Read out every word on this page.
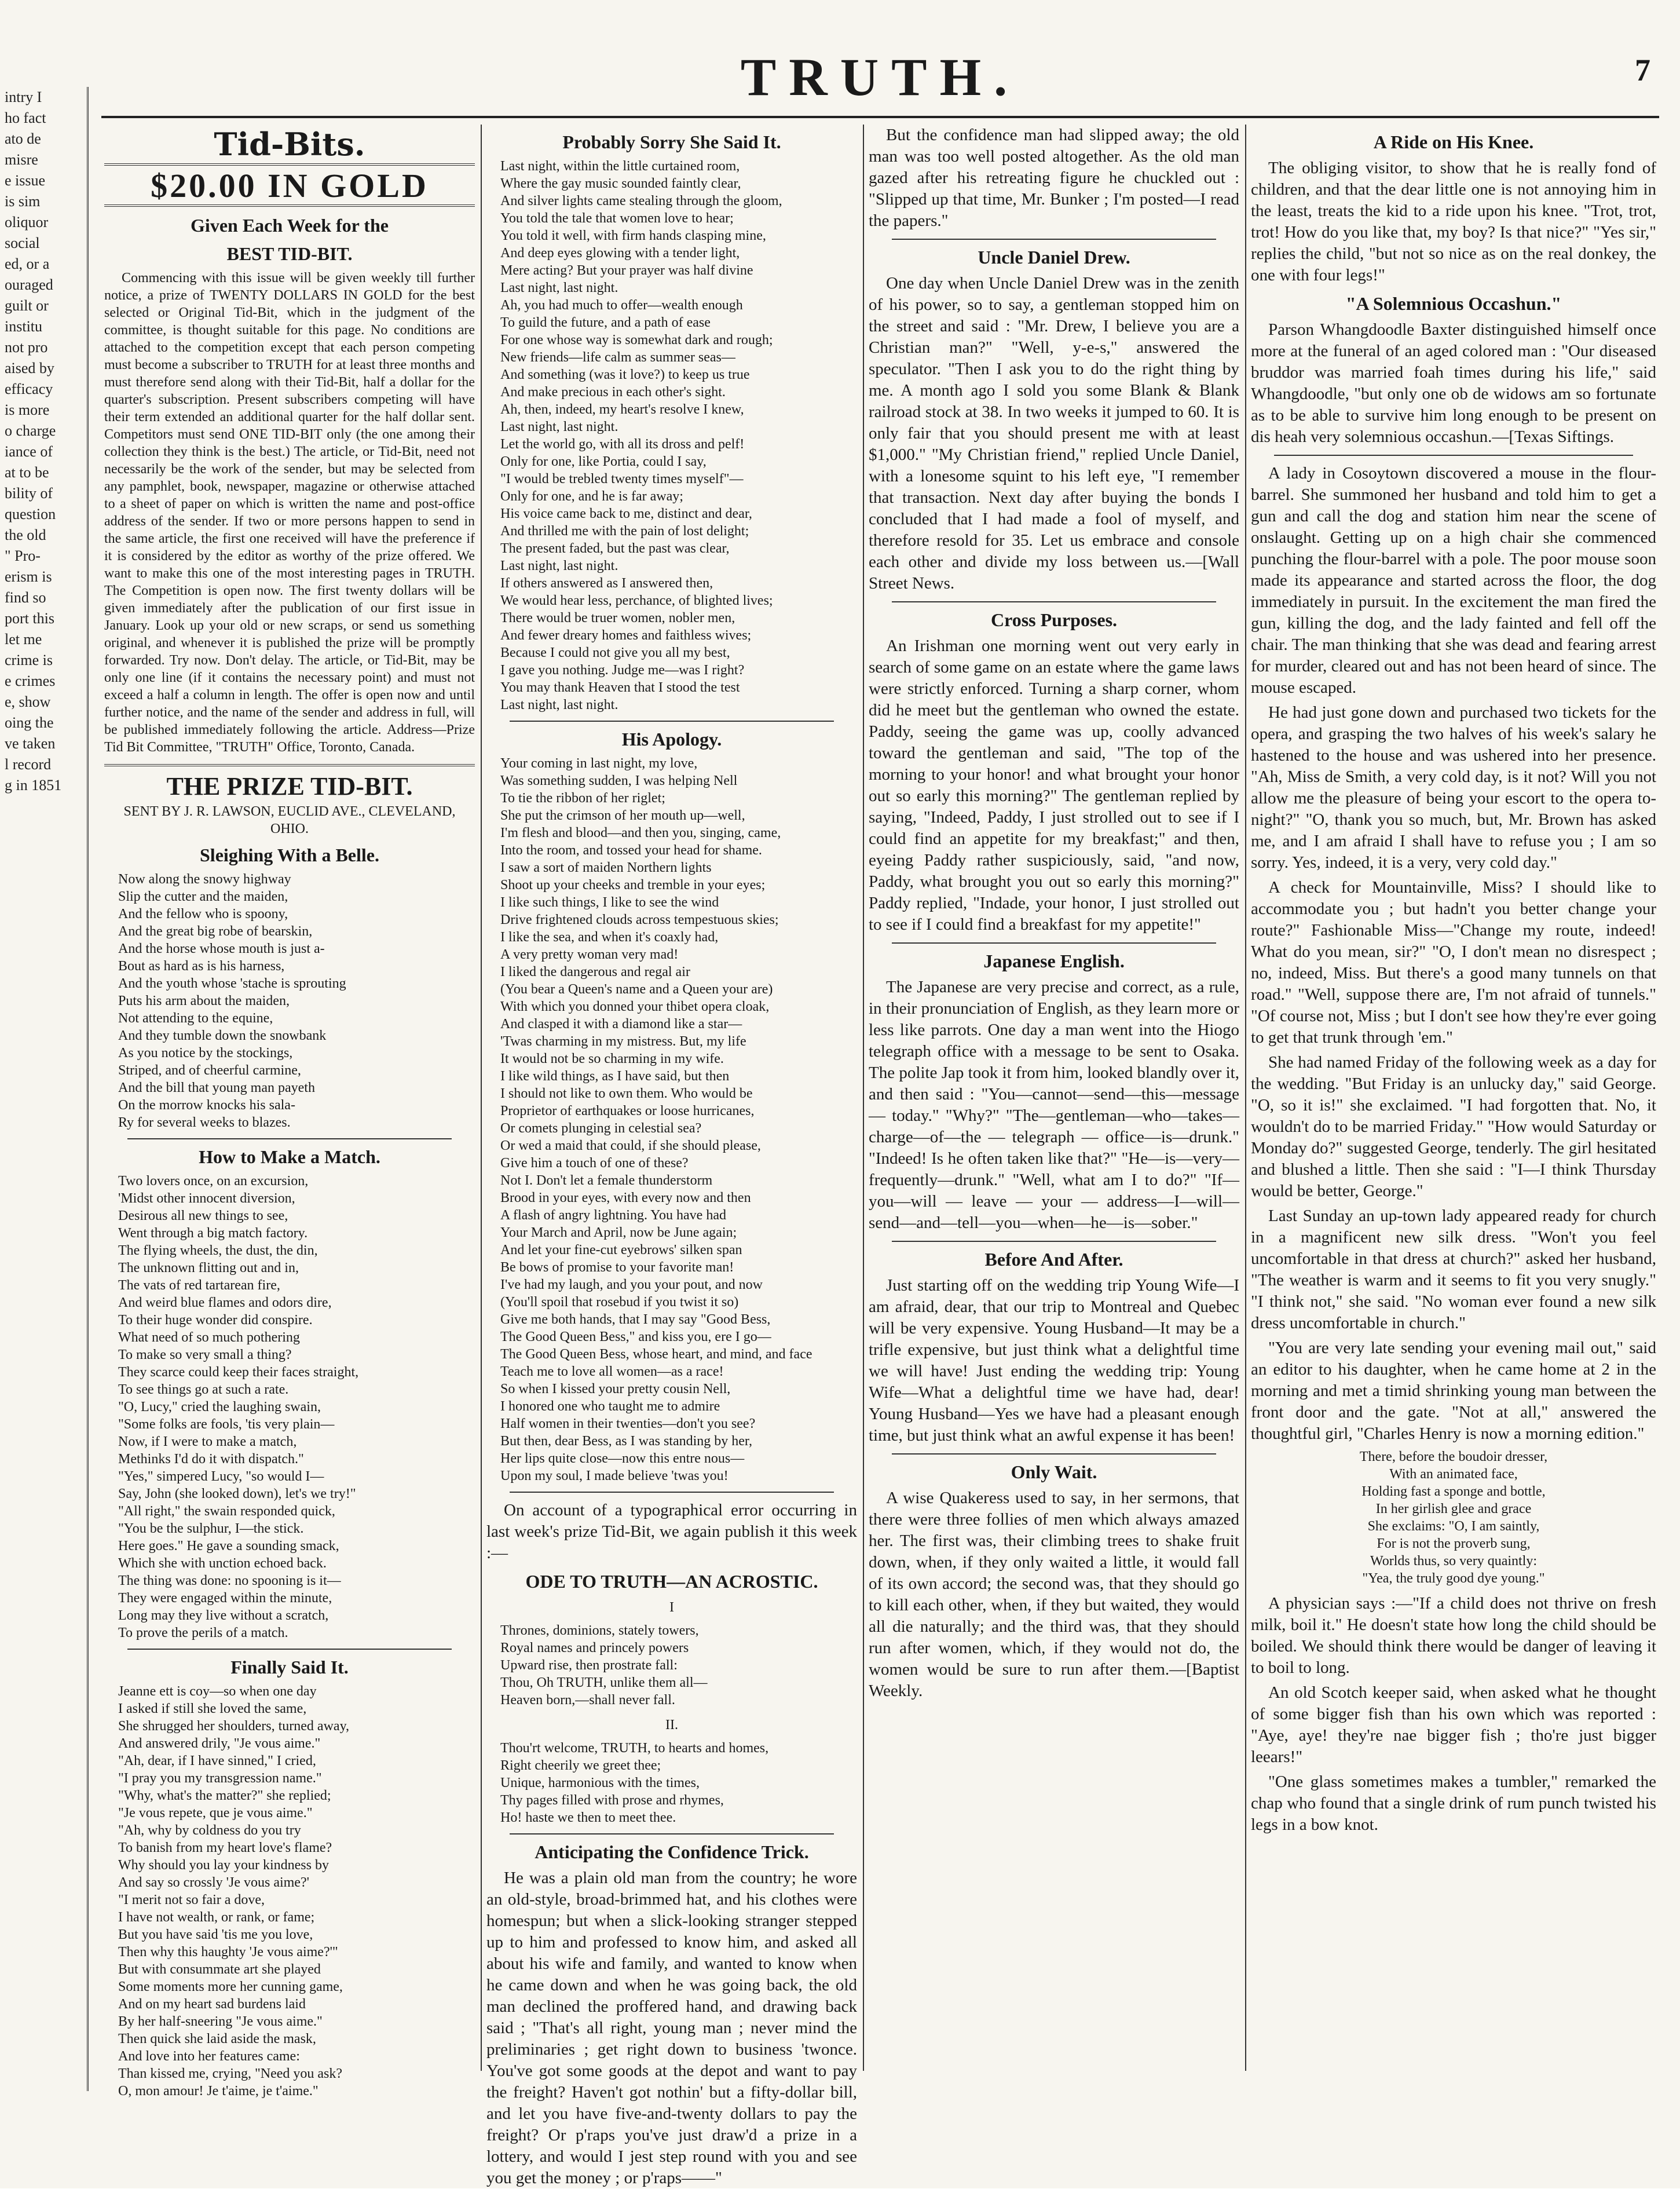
intry I
ho fact
ato de
misre
e issue
is sim
oliquor
social
ed, or a
ouraged
guilt or
institu
not pro
aised by
efficacy
is more
o charge
iance of
at to be
bility of
question
the old
" Pro-
erism is
find so
port this
let me
crime is
e crimes
e, show
oing the
ve taken
l record
g in 1851
TRUTH.	7
Tid-Bits.
$20.00 IN GOLD
Given Each Week for the
BEST TID-BIT.

Commencing with this issue will be given weekly till further notice, a prize of TWENTY DOLLARS IN GOLD for the best selected or Original Tid-Bit, which in the judgment of the committee, is thought suitable for this page. No conditions are attached to the competition except that each person competing must become a subscriber to TRUTH for at least three months and must therefore send along with their Tid-Bit, half a dollar for the quarter's subscription. Present subscribers competing will have their term extended an additional quarter for the half dollar sent. Competitors must send ONE TID-BIT only (the one among their collection they think is the best.) The article, or Tid-Bit, need not necessarily be the work of the sender, but may be selected from any pamphlet, book, newspaper, magazine or otherwise attached to a sheet of paper on which is written the name and post-office address of the sender. If two or more persons happen to send in the same article, the first one received will have the preference if it is considered by the editor as worthy of the prize offered. We want to make this one of the most interesting pages in TRUTH. The Competition is open now. The first twenty dollars will be given immediately after the publication of our first issue in January. Look up your old or new scraps, or send us something original, and whenever it is published the prize will be promptly forwarded. Try now. Don't delay. The article, or Tid-Bit, may be only one line (if it contains the necessary point) and must not exceed a half a column in length. The offer is open now and until further notice, and the name of the sender and address in full, will be published immediately following the article. Address—Prize Tid Bit Committee, "TRUTH" Office, Toronto, Canada.

THE PRIZE TID-BIT.
SENT BY J. R. LAWSON, EUCLID AVE., CLEVELAND, OHIO.
Sleighing With a Belle.
Now along the snowy highway
Slip the cutter and the maiden,
And the fellow who is spoony,
And the great big robe of bearskin,
And the horse whose mouth is just a-
Bout as hard as is his harness,
And the youth whose 'stache is sprouting
Puts his arm about the maiden,
Not attending to the equine,
And they tumble down the snowbank
As you notice by the stockings,
Striped, and of cheerful carmine,
And the bill that young man payeth
On the morrow knocks his sala-
Ry for several weeks to blazes.
How to Make a Match.
Two lovers once, on an excursion,
'Midst other innocent diversion,
Desirous all new things to see,
Went through a big match factory.
The flying wheels, the dust, the din,
The unknown flitting out and in,
The vats of red tartarean fire,
And weird blue flames and odors dire,
To their huge wonder did conspire.
What need of so much pothering
To make so very small a thing?
They scarce could keep their faces straight,
To see things go at such a rate.
"O, Lucy," cried the laughing swain,
"Some folks are fools, 'tis very plain—
Now, if I were to make a match,
Methinks I'd do it with dispatch."
"Yes," simpered Lucy, "so would I—
Say, John (she looked down), let's we try!"
"All right," the swain responded quick,
"You be the sulphur, I—the stick.
Here goes." He gave a sounding smack,
Which she with unction echoed back.
The thing was done: no spooning is it—
They were engaged within the minute,
Long may they live without a scratch,
To prove the perils of a match.
Finally Said It.
Jeanne ett is coy—so when one day
I asked if still she loved the same,
She shrugged her shoulders, turned away,
And answered drily, "Je vous aime."
"Ah, dear, if I have sinned," I cried,
"I pray you my transgression name."
"Why, what's the matter?" she replied;
"Je vous repete, que je vous aime."
"Ah, why by coldness do you try
To banish from my heart love's flame?
Why should you lay your kindness by
And say so crossly 'Je vous aime?'
"I merit not so fair a dove,
I have not wealth, or rank, or fame;
But you have said 'tis me you love,
Then why this haughty 'Je vous aime?'"
But with consummate art she played
Some moments more her cunning game,
And on my heart sad burdens laid
By her half-sneering "Je vous aime."
Then quick she laid aside the mask,
And love into her features came:
Than kissed me, crying, "Need you ask?
O, mon amour! Je t'aime, je t'aime."
Probably Sorry She Said It.
Last night, within the little curtained room,
Where the gay music sounded faintly clear,
And silver lights came stealing through the gloom,
You told the tale that women love to hear;
You told it well, with firm hands clasping mine,
And deep eyes glowing with a tender light,
Mere acting? But your prayer was half divine
Last night, last night.
Ah, you had much to offer—wealth enough
To guild the future, and a path of ease
For one whose way is somewhat dark and rough;
New friends—life calm as summer seas—
And something (was it love?) to keep us true
And make precious in each other's sight.
Ah, then, indeed, my heart's resolve I knew,
Last night, last night.
Let the world go, with all its dross and pelf!
Only for one, like Portia, could I say,
"I would be trebled twenty times myself"—
Only for one, and he is far away;
His voice came back to me, distinct and dear,
And thrilled me with the pain of lost delight;
The present faded, but the past was clear,
Last night, last night.
If others answered as I answered then,
We would hear less, perchance, of blighted lives;
There would be truer women, nobler men,
And fewer dreary homes and faithless wives;
Because I could not give you all my best,
I gave you nothing. Judge me—was I right?
You may thank Heaven that I stood the test
Last night, last night.
His Apology.
Your coming in last night, my love,
Was something sudden, I was helping Nell
To tie the ribbon of her riglet;
She put the crimson of her mouth up—well,
I'm flesh and blood—and then you, singing, came,
Into the room, and tossed your head for shame.
I saw a sort of maiden Northern lights
Shoot up your cheeks and tremble in your eyes;
I like such things, I like to see the wind
Drive frightened clouds across tempestuous skies;
I like the sea, and when it's coaxly had,
A very pretty woman very mad!
I liked the dangerous and regal air
(You bear a Queen's name and a Queen your are)
With which you donned your thibet opera cloak,
And clasped it with a diamond like a star—
'Twas charming in my mistress. But, my life
It would not be so charming in my wife.
I like wild things, as I have said, but then
I should not like to own them. Who would be
Proprietor of earthquakes or loose hurricanes,
Or comets plunging in celestial sea?
Or wed a maid that could, if she should please,
Give him a touch of one of these?
Not I. Don't let a female thunderstorm
Brood in your eyes, with every now and then
A flash of angry lightning. You have had
Your March and April, now be June again;
And let your fine-cut eyebrows' silken span
Be bows of promise to your favorite man!
I've had my laugh, and you your pout, and now
(You'll spoil that rosebud if you twist it so)
Give me both hands, that I may say "Good Bess,
The Good Queen Bess," and kiss you, ere I go—
The Good Queen Bess, whose heart, and mind, and face
Teach me to love all women—as a race!
So when I kissed your pretty cousin Nell,
I honored one who taught me to admire
Half women in their twenties—don't you see?
But then, dear Bess, as I was standing by her,
Her lips quite close—now this entre nous—
Upon my soul, I made believe 'twas you!

On account of a typographical error occurring in last week's prize Tid-Bit, we again publish it this week :—

ODE TO TRUTH—AN ACROSTIC.
I
Thrones, dominions, stately towers,
Royal names and princely powers
Upward rise, then prostrate fall:
Thou, Oh TRUTH, unlike them all—
Heaven born,—shall never fall.
II.
Thou'rt welcome, TRUTH, to hearts and homes,
Right cheerily we greet thee;
Unique, harmonious with the times,
Thy pages filled with prose and rhymes,
Ho! haste we then to meet thee.
Anticipating the Confidence Trick.

He was a plain old man from the country; he wore an old-style, broad-brimmed hat, and his clothes were homespun; but when a slick-looking stranger stepped up to him and professed to know him, and asked all about his wife and family, and wanted to know when he came down and when he was going back, the old man declined the proffered hand, and drawing back said ; "That's all right, young man ; never mind the preliminaries ; get right down to business 'twonce. You've got some goods at the depot and want to pay the freight? Haven't got nothin' but a fifty-dollar bill, and let you have five-and-twenty dollars to pay the freight? Or p'raps you've just draw'd a prize in a lottery, and would I jest step round with you and see you get the money ; or p'raps——"

But the confidence man had slipped away; the old man was too well posted altogether. As the old man gazed after his retreating figure he chuckled out : "Slipped up that time, Mr. Bunker ; I'm posted—I read the papers."

Uncle Daniel Drew.

One day when Uncle Daniel Drew was in the zenith of his power, so to say, a gentleman stopped him on the street and said : "Mr. Drew, I believe you are a Christian man?" "Well, y-e-s," answered the speculator. "Then I ask you to do the right thing by me. A month ago I sold you some Blank & Blank railroad stock at 38. In two weeks it jumped to 60. It is only fair that you should present me with at least $1,000." "My Christian friend," replied Uncle Daniel, with a lonesome squint to his left eye, "I remember that transaction. Next day after buying the bonds I concluded that I had made a fool of myself, and therefore resold for 35. Let us embrace and console each other and divide my loss between us.—[Wall Street News.

Cross Purposes.

An Irishman one morning went out very early in search of some game on an estate where the game laws were strictly enforced. Turning a sharp corner, whom did he meet but the gentleman who owned the estate. Paddy, seeing the game was up, coolly advanced toward the gentleman and said, "The top of the morning to your honor! and what brought your honor out so early this morning?" The gentleman replied by saying, "Indeed, Paddy, I just strolled out to see if I could find an appetite for my breakfast;" and then, eyeing Paddy rather suspiciously, said, "and now, Paddy, what brought you out so early this morning?" Paddy replied, "Indade, your honor, I just strolled out to see if I could find a breakfast for my appetite!"

Japanese English.

The Japanese are very precise and correct, as a rule, in their pronunciation of English, as they learn more or less like parrots. One day a man went into the Hiogo telegraph office with a message to be sent to Osaka. The polite Jap took it from him, looked blandly over it, and then said : "You—cannot—send—this—message — today." "Why?" "The—gentleman—who—takes—charge—of—the — telegraph — office—is—drunk." "Indeed! Is he often taken like that?" "He—is—very—frequently—drunk." "Well, what am I to do?" "If—you—will — leave — your — address—I—will—send—and—tell—you—when—he—is—sober."

Before And After.

Just starting off on the wedding trip Young Wife—I am afraid, dear, that our trip to Montreal and Quebec will be very expensive. Young Husband—It may be a trifle expensive, but just think what a delightful time we will have! Just ending the wedding trip: Young Wife—What a delightful time we have had, dear! Young Husband—Yes we have had a pleasant enough time, but just think what an awful expense it has been!

Only Wait.

A wise Quakeress used to say, in her sermons, that there were three follies of men which always amazed her. The first was, their climbing trees to shake fruit down, when, if they only waited a little, it would fall of its own accord; the second was, that they should go to kill each other, when, if they but waited, they would all die naturally; and the third was, that they should run after women, which, if they would not do, the women would be sure to run after them.—[Baptist Weekly.

A Ride on His Knee.

The obliging visitor, to show that he is really fond of children, and that the dear little one is not annoying him in the least, treats the kid to a ride upon his knee. "Trot, trot, trot! How do you like that, my boy? Is that nice?" "Yes sir," replies the child, "but not so nice as on the real donkey, the one with four legs!"

"A Solemnious Occashun."

Parson Whangdoodle Baxter distinguished himself once more at the funeral of an aged colored man : "Our diseased bruddor was married foah times during his life," said Whangdoodle, "but only one ob de widows am so fortunate as to be able to survive him long enough to be present on dis heah very solemnious occashun.—[Texas Siftings.

A lady in Cosoytown discovered a mouse in the flour-barrel. She summoned her husband and told him to get a gun and call the dog and station him near the scene of onslaught. Getting up on a high chair she commenced punching the flour-barrel with a pole. The poor mouse soon made its appearance and started across the floor, the dog immediately in pursuit. In the excitement the man fired the gun, killing the dog, and the lady fainted and fell off the chair. The man thinking that she was dead and fearing arrest for murder, cleared out and has not been heard of since. The mouse escaped.

He had just gone down and purchased two tickets for the opera, and grasping the two halves of his week's salary he hastened to the house and was ushered into her presence. "Ah, Miss de Smith, a very cold day, is it not? Will you not allow me the pleasure of being your escort to the opera to-night?" "O, thank you so much, but, Mr. Brown has asked me, and I am afraid I shall have to refuse you ; I am so sorry. Yes, indeed, it is a very, very cold day."

A check for Mountainville, Miss? I should like to accommodate you ; but hadn't you better change your route?" Fashionable Miss—"Change my route, indeed! What do you mean, sir?" "O, I don't mean no disrespect ; no, indeed, Miss. But there's a good many tunnels on that road." "Well, suppose there are, I'm not afraid of tunnels." "Of course not, Miss ; but I don't see how they're ever going to get that trunk through 'em."

She had named Friday of the following week as a day for the wedding. "But Friday is an unlucky day," said George. "O, so it is!" she exclaimed. "I had forgotten that. No, it wouldn't do to be married Friday." "How would Saturday or Monday do?" suggested George, tenderly. The girl hesitated and blushed a little. Then she said : "I—I think Thursday would be better, George."

Last Sunday an up-town lady appeared ready for church in a magnificent new silk dress. "Won't you feel uncomfortable in that dress at church?" asked her husband, "The weather is warm and it seems to fit you very snugly." "I think not," she said. "No woman ever found a new silk dress uncomfortable in church."

"You are very late sending your evening mail out," said an editor to his daughter, when he came home at 2 in the morning and met a timid shrinking young man between the front door and the gate. "Not at all," answered the thoughtful girl, "Charles Henry is now a morning edition."

There, before the boudoir dresser,
With an animated face,
Holding fast a sponge and bottle,
In her girlish glee and grace
She exclaims: "O, I am saintly,
For is not the proverb sung,
Worlds thus, so very quaintly:
"Yea, the truly good dye young."

A physician says :—"If a child does not thrive on fresh milk, boil it." He doesn't state how long the child should be boiled. We should think there would be danger of leaving it to boil to long.

An old Scotch keeper said, when asked what he thought of some bigger fish than his own which was reported : "Aye, aye! they're nae bigger fish ; tho're just bigger leears!"

"One glass sometimes makes a tumbler," remarked the chap who found that a single drink of rum punch twisted his legs in a bow knot.
